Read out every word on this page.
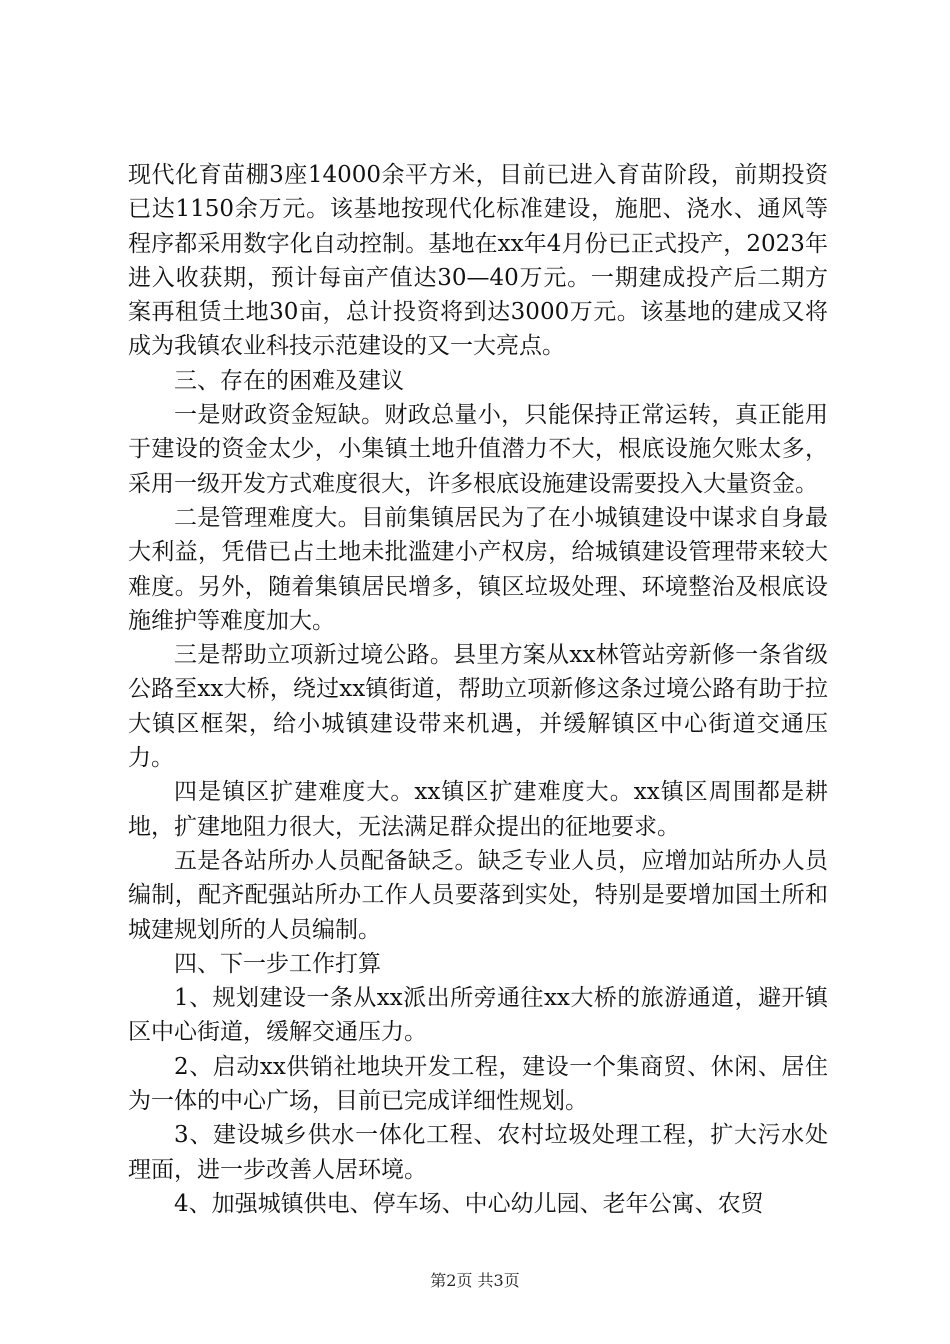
现代化育苗棚3座14000余平方米，目前已进入育苗阶段，前期投资已达1150余万元。该基地按现代化标准建设，施肥、浇水、通风等程序都采用数字化自动控制。基地在xx年4月份已正式投产，2023年进入收获期，预计每亩产值达30—40万元。一期建成投产后二期方案再租赁土地30亩，总计投资将到达3000万元。该基地的建成又将成为我镇农业科技示范建设的又一大亮点。

三、存在的困难及建议

一是财政资金短缺。财政总量小，只能保持正常运转，真正能用于建设的资金太少，小集镇土地升值潜力不大，根底设施欠账太多，采用一级开发方式难度很大，许多根底设施建设需要投入大量资金。

二是管理难度大。目前集镇居民为了在小城镇建设中谋求自身最大利益，凭借已占土地未批滥建小产权房，给城镇建设管理带来较大难度。另外，随着集镇居民增多，镇区垃圾处理、环境整治及根底设施维护等难度加大。

三是帮助立项新过境公路。县里方案从xx林管站旁新修一条省级公路至xx大桥，绕过xx镇街道，帮助立项新修这条过境公路有助于拉大镇区框架，给小城镇建设带来机遇，并缓解镇区中心街道交通压力。

四是镇区扩建难度大。xx镇区扩建难度大。xx镇区周围都是耕地，扩建地阻力很大，无法满足群众提出的征地要求。

五是各站所办人员配备缺乏。缺乏专业人员，应增加站所办人员编制，配齐配强站所办工作人员要落到实处，特别是要增加国土所和城建规划所的人员编制。

四、下一步工作打算

1、规划建设一条从xx派出所旁通往xx大桥的旅游通道，避开镇区中心街道，缓解交通压力。

2、启动xx供销社地块开发工程，建设一个集商贸、休闲、居住为一体的中心广场，目前已完成详细性规划。

3、建设城乡供水一体化工程、农村垃圾处理工程，扩大污水处理面，进一步改善人居环境。

4、加强城镇供电、停车场、中心幼儿园、老年公寓、农贸

第2页 共3页
